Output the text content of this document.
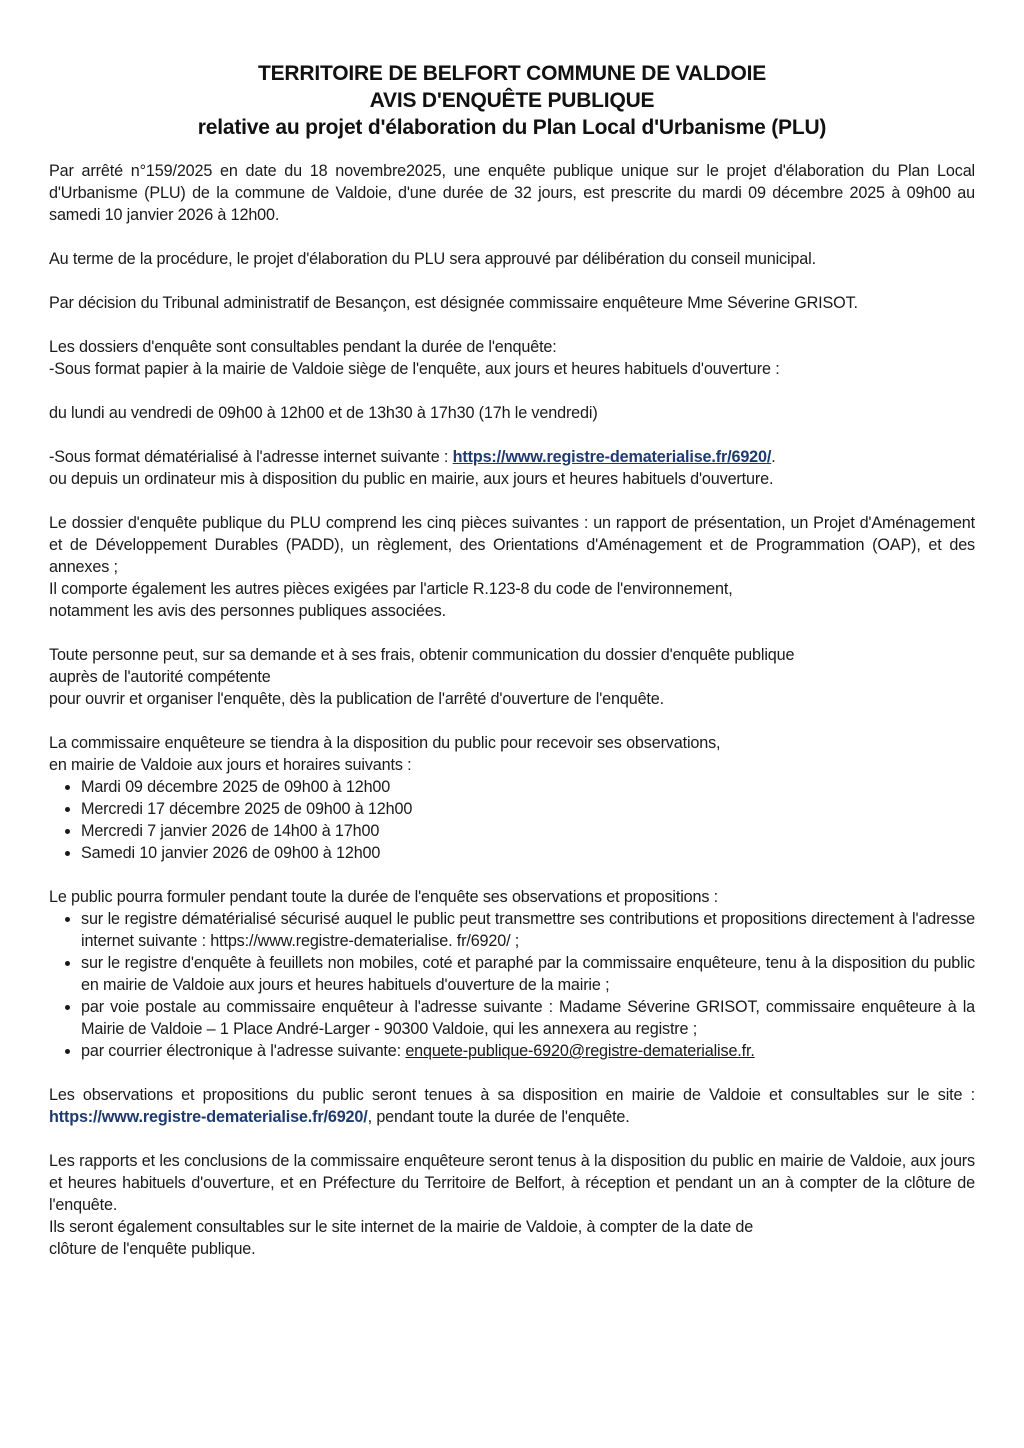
TERRITOIRE DE BELFORT COMMUNE DE VALDOIE
AVIS D'ENQUÊTE PUBLIQUE
relative au projet d'élaboration du Plan Local d'Urbanisme (PLU)

Par arrêté n°159/2025 en date du 18 novembre2025, une enquête publique unique sur le projet d'élaboration du Plan Local d'Urbanisme (PLU) de la commune de Valdoie, d'une durée de 32 jours, est prescrite du mardi 09 décembre 2025 à 09h00 au samedi 10 janvier 2026 à 12h00.

Au terme de la procédure, le projet d'élaboration du PLU sera approuvé par délibération du conseil municipal.

Par décision du Tribunal administratif de Besançon, est désignée commissaire enquêteure Mme Séverine GRISOT.

Les dossiers d'enquête sont consultables pendant la durée de l'enquête:
-Sous format papier à la mairie de Valdoie siège de l'enquête, aux jours et heures habituels d'ouverture :

du lundi au vendredi de 09h00 à 12h00 et de 13h30 à 17h30 (17h le vendredi)

-Sous format dématérialisé à l'adresse internet suivante : https://www.registre-dematerialise.fr/6920/.
ou depuis un ordinateur mis à disposition du public en mairie, aux jours et heures habituels d'ouverture.

Le dossier d'enquête publique du PLU comprend les cinq pièces suivantes : un rapport de présentation, un Projet d'Aménagement et de Développement Durables (PADD), un règlement, des Orientations d'Aménagement et de Programmation (OAP), et des annexes ;
Il comporte également les autres pièces exigées par l'article R.123-8 du code de l'environnement,
notamment les avis des personnes publiques associées.

Toute personne peut, sur sa demande et à ses frais, obtenir communication du dossier d'enquête publique
auprès de l'autorité compétente
pour ouvrir et organiser l'enquête, dès la publication de l'arrêté d'ouverture de l'enquête.

La commissaire enquêteure se tiendra à la disposition du public pour recevoir ses observations,
en mairie de Valdoie aux jours et horaires suivants :

• Mardi 09 décembre 2025 de 09h00 à 12h00
• Mercredi 17 décembre 2025 de 09h00 à 12h00
• Mercredi 7 janvier 2026 de 14h00 à 17h00
• Samedi 10 janvier 2026 de 09h00 à 12h00

Le public pourra formuler pendant toute la durée de l'enquête ses observations et propositions :

• sur le registre dématérialisé sécurisé auquel le public peut transmettre ses contributions et propositions directement à l'adresse internet suivante : https://www.registre-dematerialise. fr/6920/ ;
• sur le registre d'enquête à feuillets non mobiles, coté et paraphé par la commissaire enquêteure, tenu à la disposition du public en mairie de Valdoie aux jours et heures habituels d'ouverture de la mairie ;
• par voie postale au commissaire enquêteur à l'adresse suivante : Madame Séverine GRISOT, commissaire enquêteure à la Mairie de Valdoie – 1 Place André-Larger - 90300 Valdoie, qui les annexera au registre ;
• par courrier électronique à l'adresse suivante: enquete-publique-6920@registre-dematerialise.fr.

Les observations et propositions du public seront tenues à sa disposition en mairie de Valdoie et consultables sur le site : https://www.registre-dematerialise.fr/6920/, pendant toute la durée de l'enquête.

Les rapports et les conclusions de la commissaire enquêteure seront tenus à la disposition du public en mairie de Valdoie, aux jours et heures habituels d'ouverture, et en Préfecture du Territoire de Belfort, à réception et pendant un an à compter de la clôture de l'enquête.
Ils seront également consultables sur le site internet de la mairie de Valdoie, à compter de la date de
clôture de l'enquête publique.
